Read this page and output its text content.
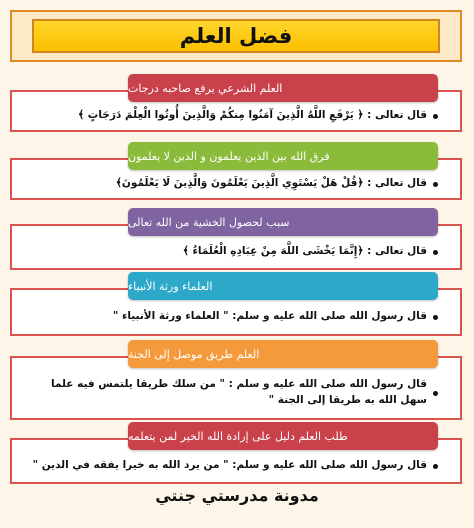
فضل العلم
العلم الشرعي يرفع صاحبه درجات
قال تعالى : ﴿ يَرْفَعِ اللَّهُ الَّذِينَ آمَنُوا مِنكُمْ وَالَّذِينَ أُوتُوا الْعِلْمَ دَرَجَاتٍ ﴾
فرق الله بين الذين يعلمون و الذين لا يعلمون
قال تعالى : ﴿قُلْ هَلْ يَسْتَوِي الَّذِينَ يَعْلَمُونَ وَالَّذِينَ لَا يَعْلَمُونَ﴾
سبب لحصول الخشية من الله تعالى
قال تعالى : ﴿إِنَّمَا يَخْشَى اللَّهَ مِنْ عِبَادِهِ الْعُلَمَاءُ ﴾
العلماء ورثة الأنبياء
قال رسول الله صلى الله عليه و سلم: " العلماء ورثة الأنبياء "
العلم طريق موصل إلى الجنة
قال رسول الله صلى الله عليه و سلم : " من سلك طريقا يلتمس فيه علما سهل الله به طريقا إلى الجنة "
طلب العلم دليل على إرادة الله الخير لمن يتعلمه
قال رسول الله صلى الله عليه و سلم: " من يرد الله به خيرا يفقه في الدين "
مدونة مدرستي جنتي
